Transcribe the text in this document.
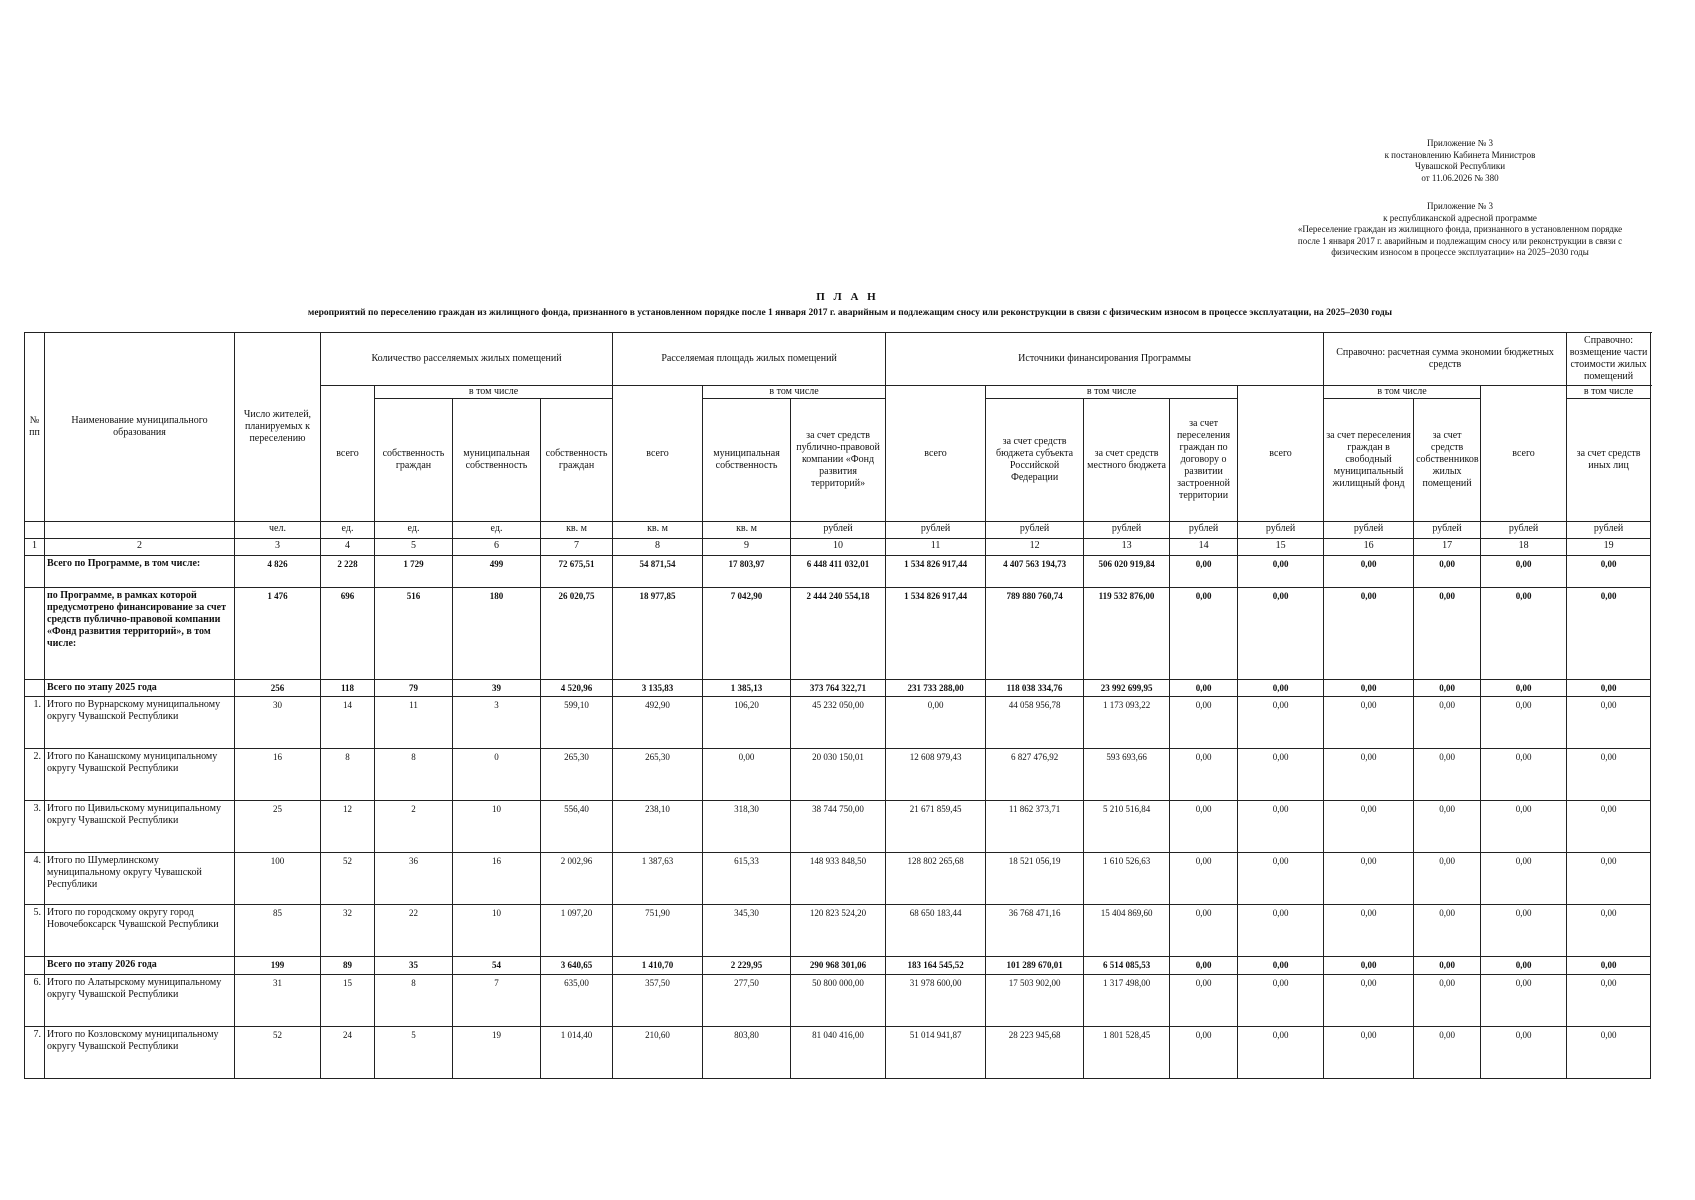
Приложение № 3
к постановлению Кабинета Министров
Чувашской Республики
от 11.06.2026 № 380
Приложение № 3
к республиканской адресной программе
«Переселение граждан из жилищного фонда, признанного в установленном порядке
после 1 января 2017 г. аварийным и подлежащим сносу или реконструкции в связи с
физическим износом в процессе эксплуатации» на 2025–2030 годы
П Л А Н
мероприятий по переселению граждан из жилищного фонда, признанного в установленном порядке после 1 января 2017 г. аварийным и подлежащим сносу или реконструкции в связи с физическим износом в процессе эксплуатации, на 2025–2030 годы
№ пп	Наименование муниципального образования	Число жителей, планируемых к переселению	Количество расселяемых жилых помещений				Расселяемая площадь жилых помещений			Источники финансирования Программы					Справочно: расчетная сумма экономии бюджетных средств			Справочно: возмещение части стоимости жилых помещений
			всего	в том числе			всего	в том числе		всего	в том числе			всего	в том числе		всего	в том числе
				собственность граждан	муниципальная собственность	собственность граждан		муниципальная собственность	за счет средств публично-правовой компании «Фонд развития территорий»		за счет средств бюджета субъекта Российской Федерации	за счет средств местного бюджета	за счет переселения граждан по договору о развитии застроенной территории		за счет переселения граждан в свободный муниципальный жилищный фонд	за счет средств собственников жилых помещений		за счет средств иных лиц
		чел.	ед.	ед.	ед.	кв. м	кв. м	кв. м	рублей	рублей	рублей	рублей	рублей	рублей	рублей	рублей	рублей	рублей
1	2	3	4	5	6	7	8	9	10	11	12	13	14	15	16	17	18	19
	Всего по Программе, в том числе:	4 826	2 228	1 729	499	72 675,51	54 871,54	17 803,97	6 448 411 032,01	1 534 826 917,44	4 407 563 194,73	506 020 919,84	0,00	0,00	0,00	0,00	0,00	0,00
	по Программе, в рамках которой предусмотрено финансирование за счет средств публично-правовой компании «Фонд развития территорий», в том числе:	1 476	696	516	180	26 020,75	18 977,85	7 042,90	2 444 240 554,18	1 534 826 917,44	789 880 760,74	119 532 876,00	0,00	0,00	0,00	0,00	0,00	0,00
	Всего по этапу 2025 года	256	118	79	39	4 520,96	3 135,83	1 385,13	373 764 322,71	231 733 288,00	118 038 334,76	23 992 699,95	0,00	0,00	0,00	0,00	0,00	0,00
1.	Итого по Вурнарскому муниципальному округу Чувашской Республики	30	14	11	3	599,10	492,90	106,20	45 232 050,00	0,00	44 058 956,78	1 173 093,22	0,00	0,00	0,00	0,00	0,00	0,00
2.	Итого по Канашскому муниципальному округу Чувашской Республики	16	8	8	0	265,30	265,30	0,00	20 030 150,01	12 608 979,43	6 827 476,92	593 693,66	0,00	0,00	0,00	0,00	0,00	0,00
3.	Итого по Цивильскому муниципальному округу Чувашской Республики	25	12	2	10	556,40	238,10	318,30	38 744 750,00	21 671 859,45	11 862 373,71	5 210 516,84	0,00	0,00	0,00	0,00	0,00	0,00
4.	Итого по Шумерлинскому муниципальному округу Чувашской Республики	100	52	36	16	2 002,96	1 387,63	615,33	148 933 848,50	128 802 265,68	18 521 056,19	1 610 526,63	0,00	0,00	0,00	0,00	0,00	0,00
5.	Итого по городскому округу город Новочебоксарск Чувашской Республики	85	32	22	10	1 097,20	751,90	345,30	120 823 524,20	68 650 183,44	36 768 471,16	15 404 869,60	0,00	0,00	0,00	0,00	0,00	0,00
	Всего по этапу 2026 года	199	89	35	54	3 640,65	1 410,70	2 229,95	290 968 301,06	183 164 545,52	101 289 670,01	6 514 085,53	0,00	0,00	0,00	0,00	0,00	0,00
6.	Итого по Алатырскому муниципальному округу Чувашской Республики	31	15	8	7	635,00	357,50	277,50	50 800 000,00	31 978 600,00	17 503 902,00	1 317 498,00	0,00	0,00	0,00	0,00	0,00	0,00
7.	Итого по Козловскому муниципальному округу Чувашской Республики	52	24	5	19	1 014,40	210,60	803,80	81 040 416,00	51 014 941,87	28 223 945,68	1 801 528,45	0,00	0,00	0,00	0,00	0,00	0,00
